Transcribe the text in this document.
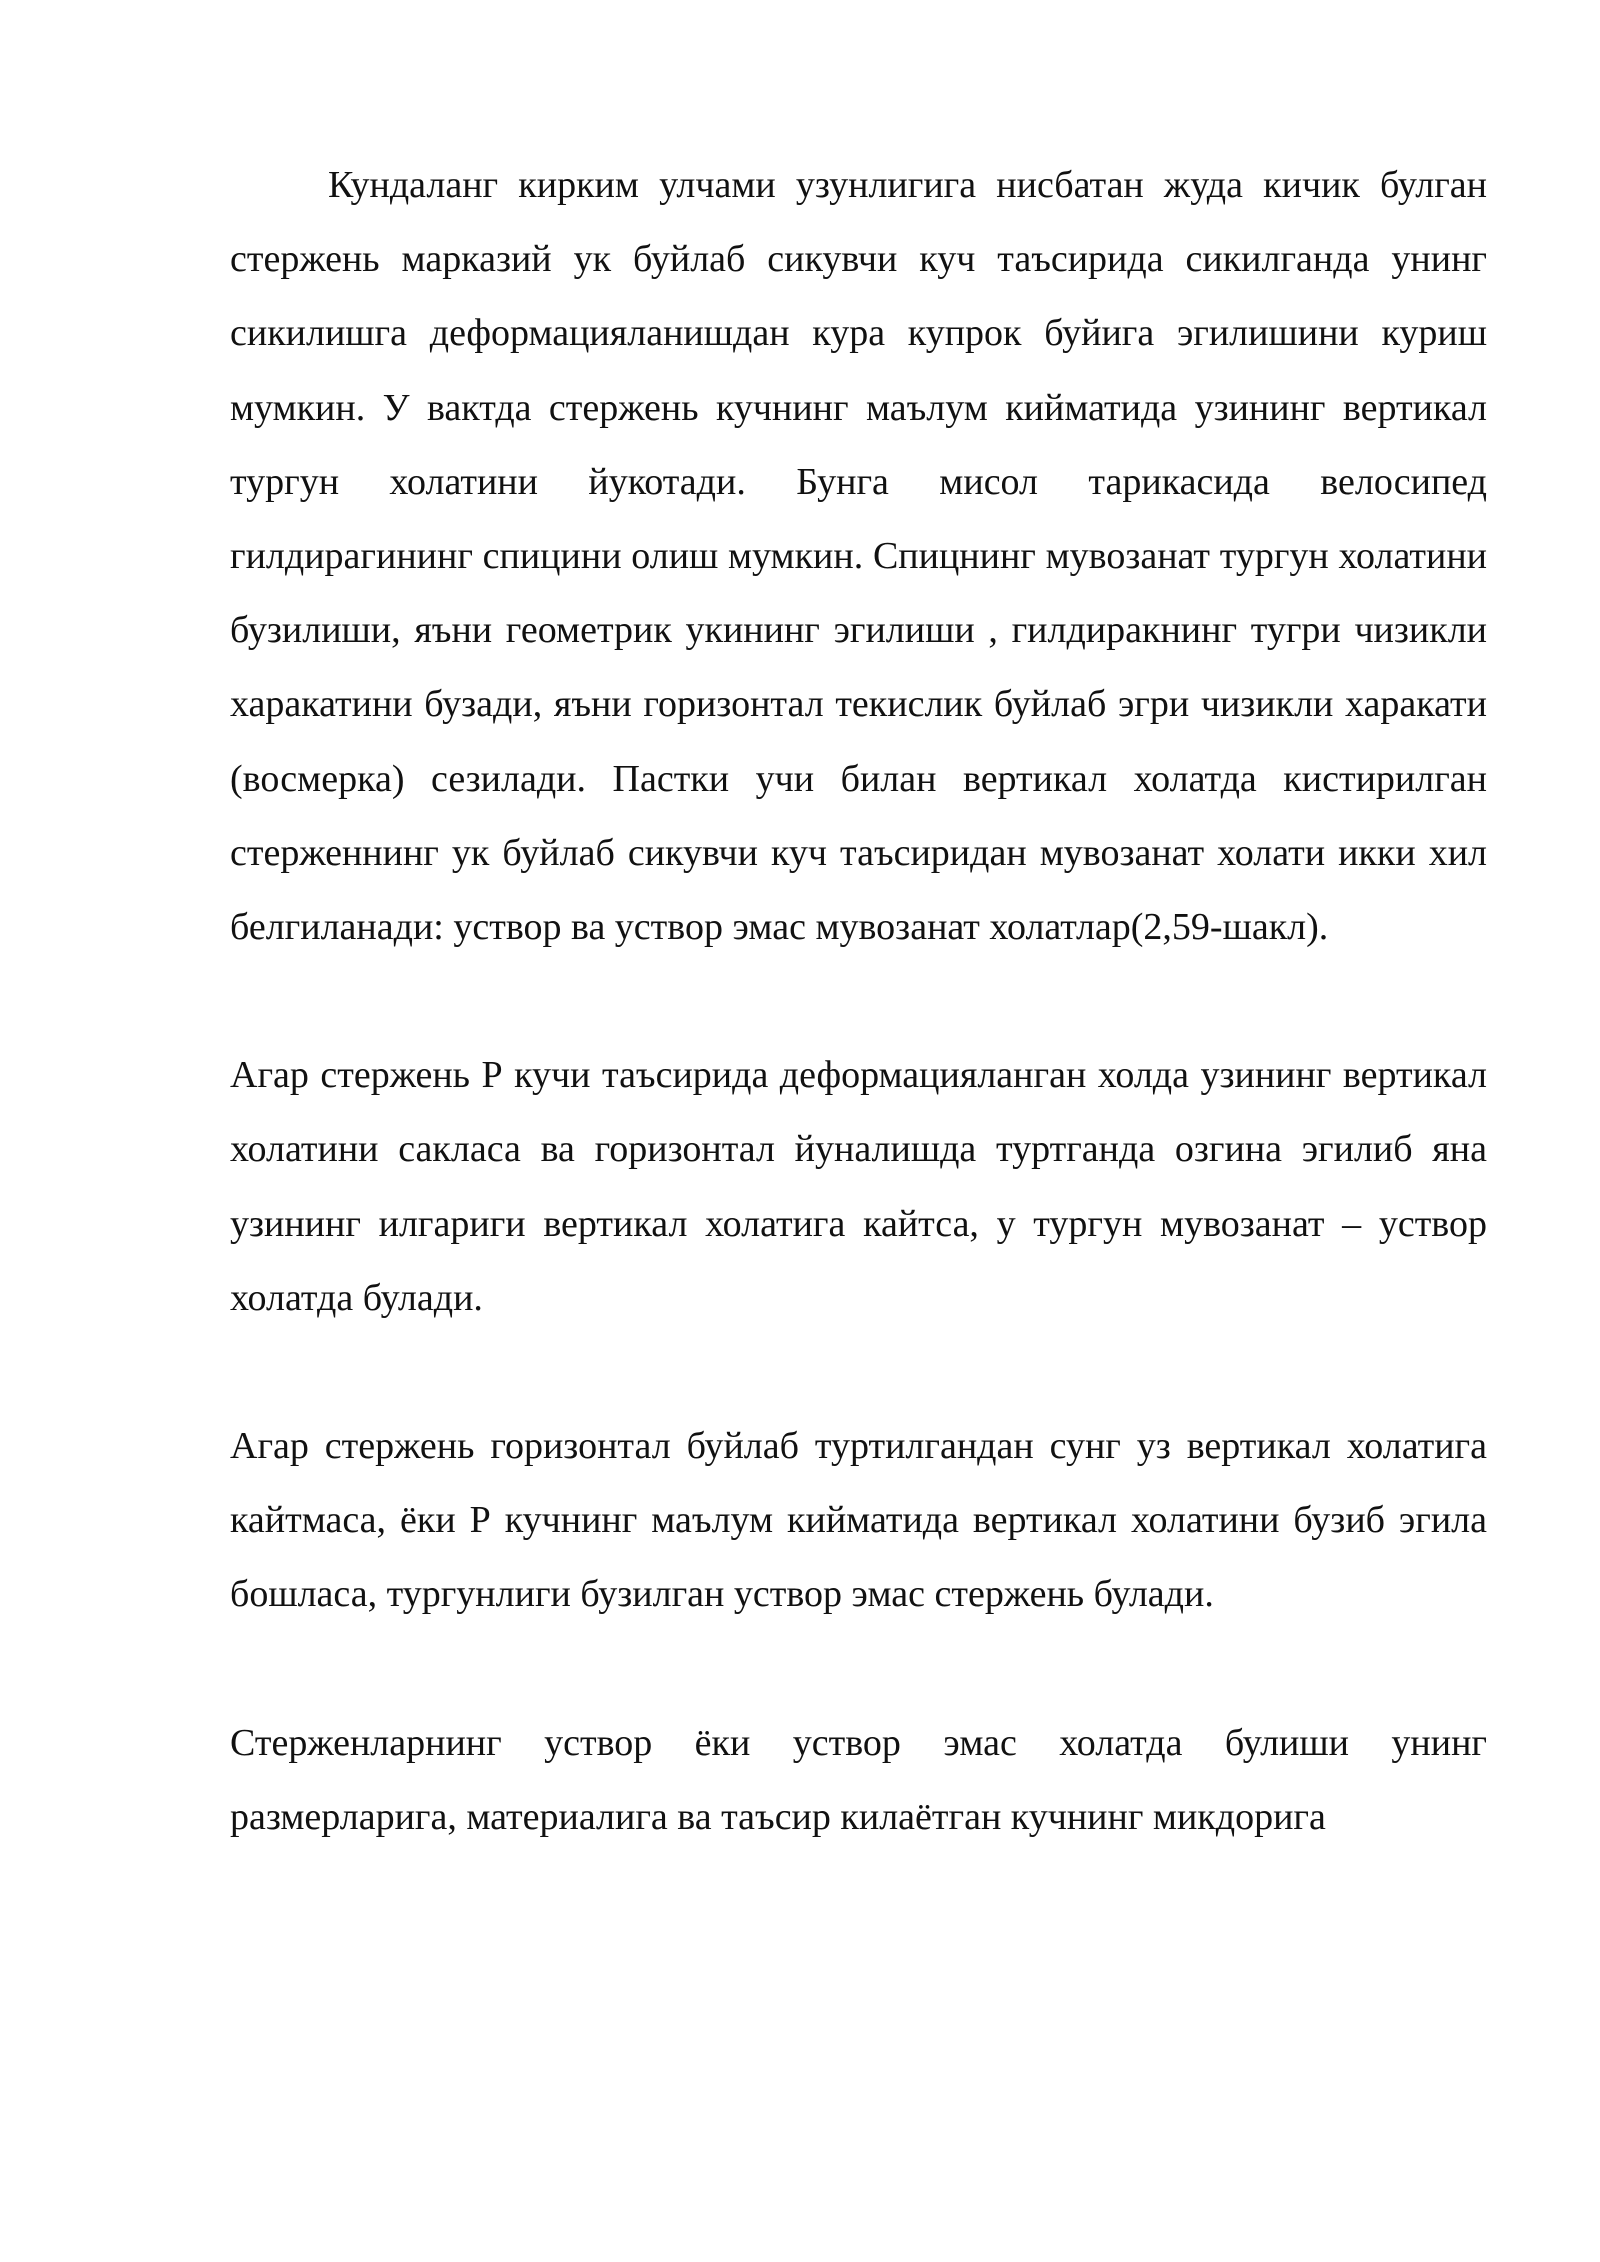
Кундаланг кирким улчами узунлигига нисбатан жуда кичик булган стержень марказий ук буйлаб сикувчи куч таъсирида сикилганда унинг сикилишга деформацияланишдан кура купрок буйига эгилишини куриш мумкин. У вактда стержень кучнинг маълум кийматида узининг вертикал тургун холатини йукотади. Бунга мисол тарикасида велосипед гилдирагининг спицини олиш мумкин. Спицнинг мувозанат тургун холатини бузилиши, яъни геометрик укининг эгилиши , гилдиракнинг тугри чизикли харакатини бузади, яъни горизонтал текислик буйлаб эгри чизикли харакати (восмерка) сезилади. Пастки учи билан вертикал холатда кистирилган стерженнинг ук буйлаб сикувчи куч таъсиридан мувозанат холати икки хил белгиланади: уствор ва уствор эмас мувозанат холатлар(2,59-шакл).

Агар стержень Р кучи таъсирида деформацияланган холда узининг вертикал холатини сакласа ва горизонтал йуналишда туртганда озгина эгилиб яна узининг илгариги вертикал холатига кайтса, у тургун мувозанат – уствор холатда булади.

Агар стержень горизонтал буйлаб туртилгандан сунг уз вертикал холатига кайтмаса, ёки Р кучнинг маълум кийматида вертикал холатини бузиб эгила бошласа, тургунлиги бузилган уствор эмас стержень булади.

Стерженларнинг уствор ёки уствор эмас холатда булиши унинг размерларига, материалига ва таъсир килаётган кучнинг микдорига
